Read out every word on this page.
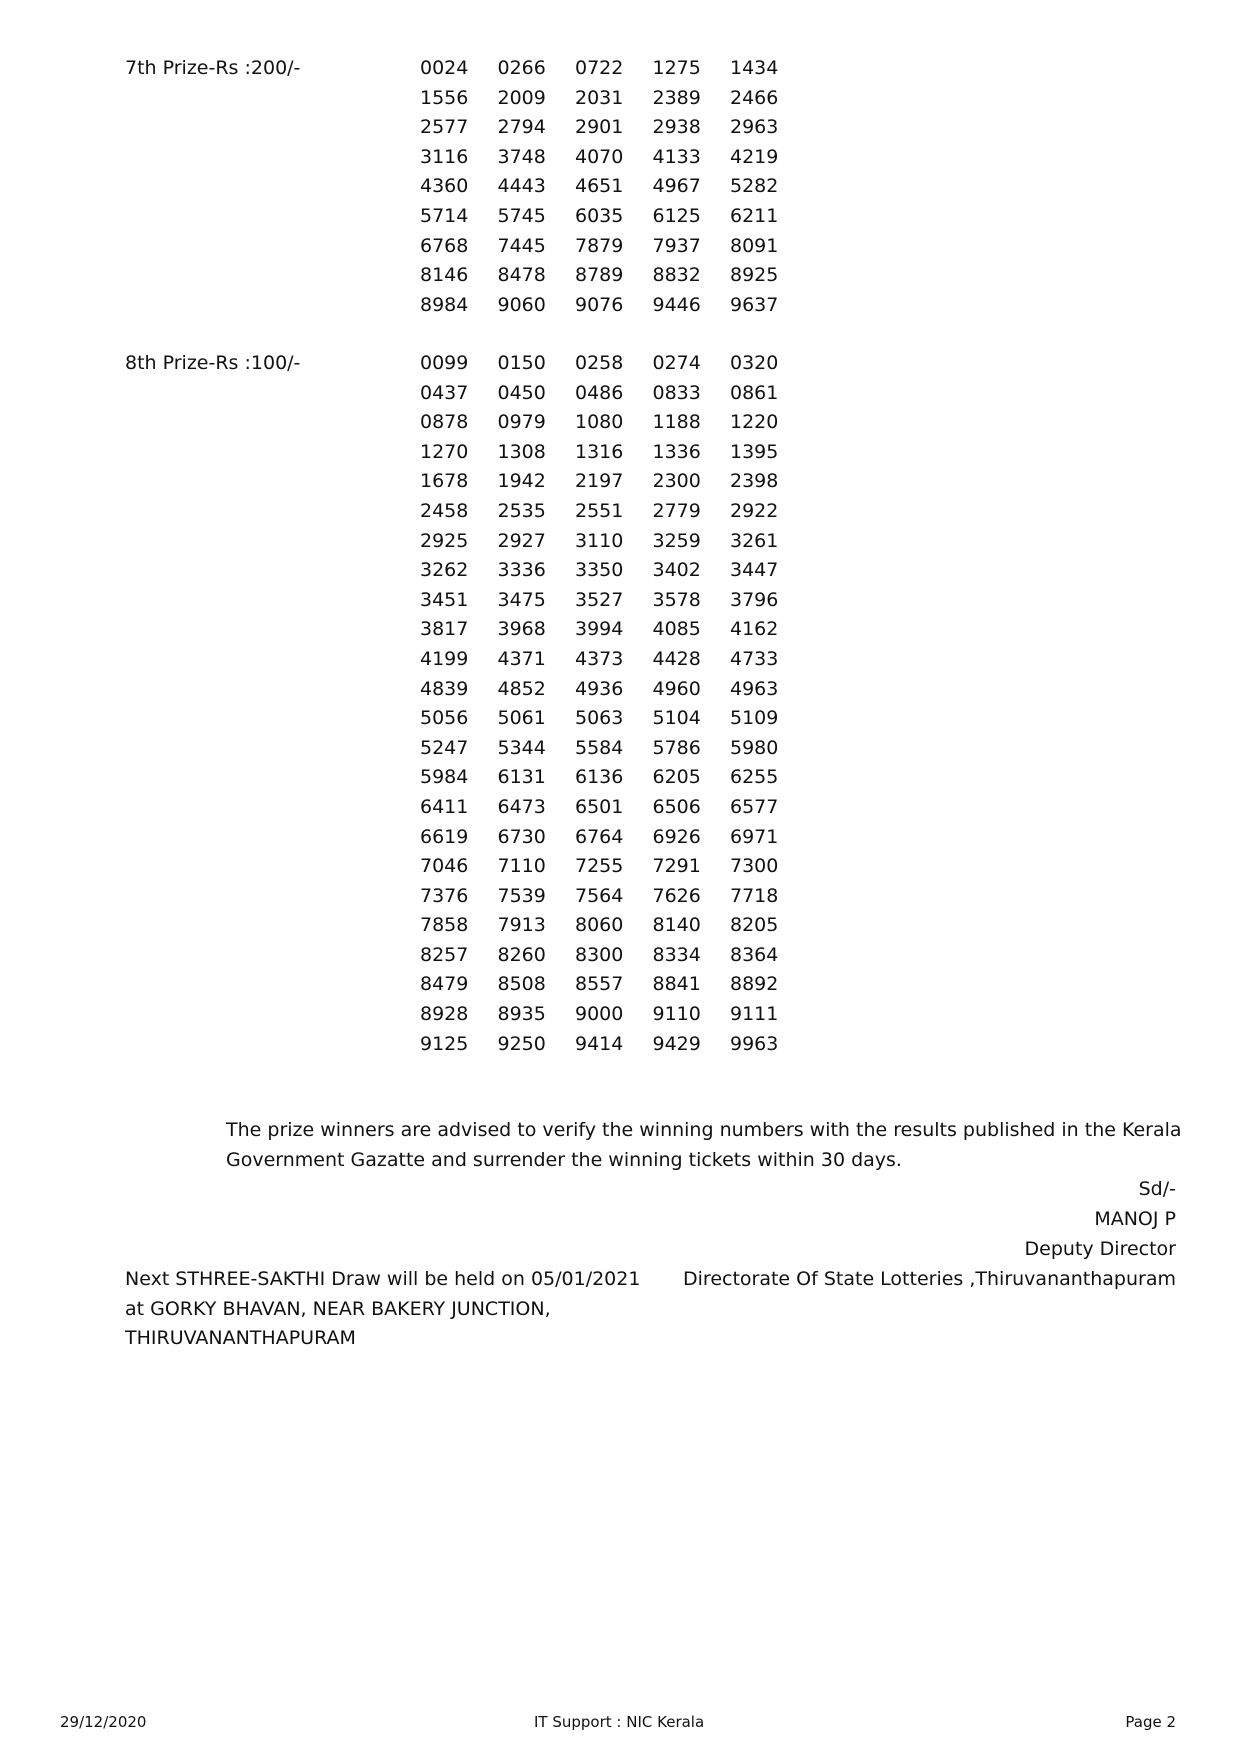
7th Prize-Rs :200/-	0024	0266	0722	1275	1434
1556	2009	2031	2389	2466
2577	2794	2901	2938	2963
3116	3748	4070	4133	4219
4360	4443	4651	4967	5282
5714	5745	6035	6125	6211
6768	7445	7879	7937	8091
8146	8478	8789	8832	8925
8984	9060	9076	9446	9637
8th Prize-Rs :100/-	0099	0150	0258	0274	0320
0437	0450	0486	0833	0861
0878	0979	1080	1188	1220
1270	1308	1316	1336	1395
1678	1942	2197	2300	2398
2458	2535	2551	2779	2922
2925	2927	3110	3259	3261
3262	3336	3350	3402	3447
3451	3475	3527	3578	3796
3817	3968	3994	4085	4162
4199	4371	4373	4428	4733
4839	4852	4936	4960	4963
5056	5061	5063	5104	5109
5247	5344	5584	5786	5980
5984	6131	6136	6205	6255
6411	6473	6501	6506	6577
6619	6730	6764	6926	6971
7046	7110	7255	7291	7300
7376	7539	7564	7626	7718
7858	7913	8060	8140	8205
8257	8260	8300	8334	8364
8479	8508	8557	8841	8892
8928	8935	9000	9110	9111
9125	9250	9414	9429	9963
The prize winners are advised to verify the winning numbers with the results published in the Kerala Government Gazatte and surrender the winning tickets within 30 days.
Sd/-
MANOJ P
Deputy Director
Directorate Of State Lotteries ,Thiruvananthapuram
Next STHREE-SAKTHI Draw will be held on 05/01/2021
at GORKY BHAVAN, NEAR BAKERY JUNCTION,
THIRUVANANTHAPURAM
29/12/2020	IT Support : NIC Kerala	Page 2
